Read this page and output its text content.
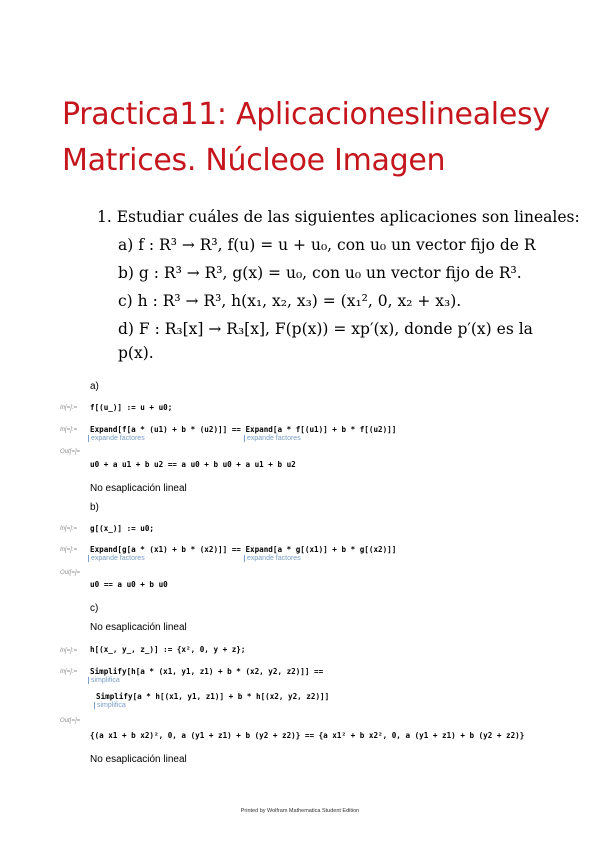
Practica11: Aplicacioneslinealesy
Matrices. Núcleoe Imagen
1. Estudiar cuáles de las siguientes aplicaciones son lineales:
a) f : R³ → R³, f(u) = u + u₀, con u₀ un vector fijo de R
b) g : R³ → R³, g(x) = u₀, con u₀ un vector fijo de R³.
c) h : R³ → R³, h(x₁, x₂, x₃) = (x₁², 0, x₂ + x₃).
d) F : R₃[x] → R₃[x], F(p(x)) = xp′(x), donde p′(x) es la
p(x).
a)
In[=]:= f[(u_)] := u + u0;
In[=]:= Expand[f[a * (u1) + b * (u2)]] == Expand[a * f[(u1)] + b * f[(u2)]]
expande factores	expande factores
Out[=]=
u0 + a u1 + b u2 == a u0 + b u0 + a u1 + b u2
No esaplicación lineal
b)
In[=]:= g[(x_)] := u0;
In[=]:= Expand[g[a * (x1) + b * (x2)]] == Expand[a * g[(x1)] + b * g[(x2)]]
expande factores	expande factores
Out[=]=
u0 == a u0 + b u0
c)
No esaplicación lineal
In[=]:= h[(x_, y_, z_)] := {x², 0, y + z};
In[=]:= Simplify[h[a * (x1, y1, z1) + b * (x2, y2, z2)]] ==
simplifica
Simplify[a * h[(x1, y1, z1)] + b * h[(x2, y2, z2)]]
simplifica
Out[=]=
{(a x1 + b x2)², 0, a (y1 + z1) + b (y2 + z2)} == {a x1² + b x2², 0, a (y1 + z1) + b (y2 + z2)}
No esaplicación lineal
Printed by Wolfram Mathematica Student Edition
